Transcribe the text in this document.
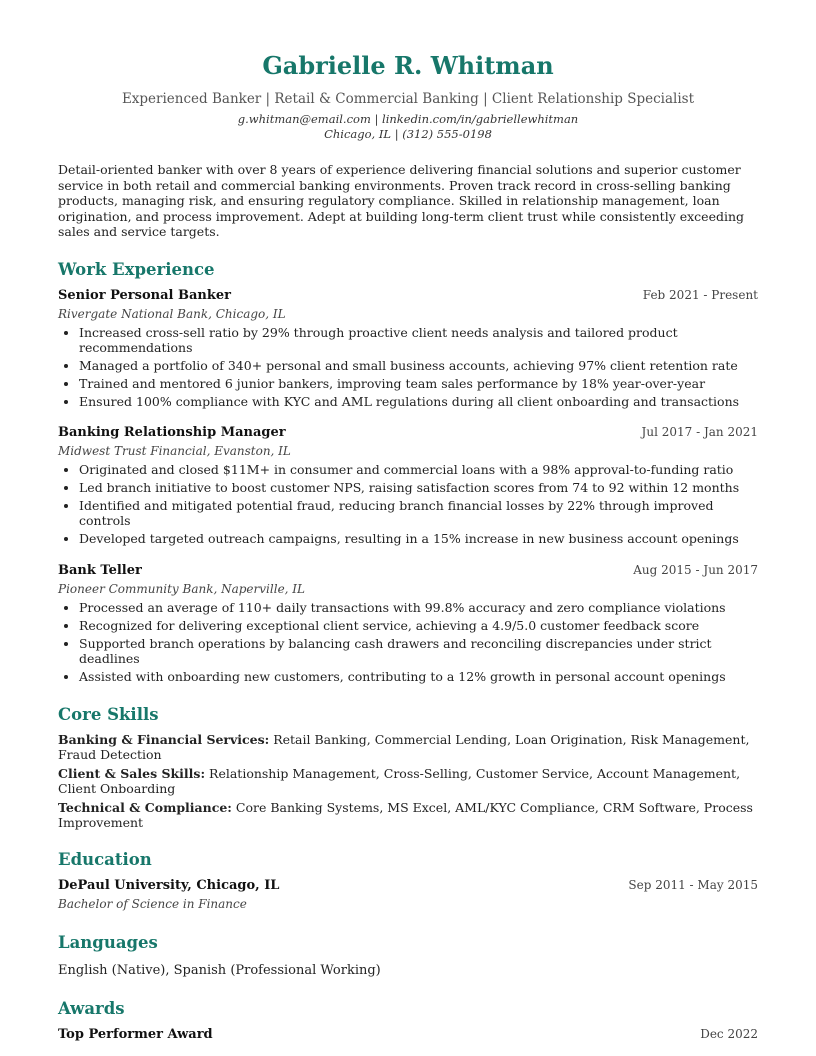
Gabrielle R. Whitman
Experienced Banker | Retail & Commercial Banking | Client Relationship Specialist
g.whitman@email.com | linkedin.com/in/gabriellewhitman
Chicago, IL | (312) 555-0198
Detail-oriented banker with over 8 years of experience delivering financial solutions and superior customer service in both retail and commercial banking environments. Proven track record in cross-selling banking products, managing risk, and ensuring regulatory compliance. Skilled in relationship management, loan origination, and process improvement. Adept at building long-term client trust while consistently exceeding sales and service targets.
Work Experience
Senior Personal Banker	Feb 2021 - Present
Rivergate National Bank, Chicago, IL
• Increased cross-sell ratio by 29% through proactive client needs analysis and tailored product recommendations
• Managed a portfolio of 340+ personal and small business accounts, achieving 97% client retention rate
• Trained and mentored 6 junior bankers, improving team sales performance by 18% year-over-year
• Ensured 100% compliance with KYC and AML regulations during all client onboarding and transactions
Banking Relationship Manager	Jul 2017 - Jan 2021
Midwest Trust Financial, Evanston, IL
• Originated and closed $11M+ in consumer and commercial loans with a 98% approval-to-funding ratio
• Led branch initiative to boost customer NPS, raising satisfaction scores from 74 to 92 within 12 months
• Identified and mitigated potential fraud, reducing branch financial losses by 22% through improved controls
• Developed targeted outreach campaigns, resulting in a 15% increase in new business account openings
Bank Teller	Aug 2015 - Jun 2017
Pioneer Community Bank, Naperville, IL
• Processed an average of 110+ daily transactions with 99.8% accuracy and zero compliance violations
• Recognized for delivering exceptional client service, achieving a 4.9/5.0 customer feedback score
• Supported branch operations by balancing cash drawers and reconciling discrepancies under strict deadlines
• Assisted with onboarding new customers, contributing to a 12% growth in personal account openings
Core Skills
Banking & Financial Services: Retail Banking, Commercial Lending, Loan Origination, Risk Management, Fraud Detection
Client & Sales Skills: Relationship Management, Cross-Selling, Customer Service, Account Management, Client Onboarding
Technical & Compliance: Core Banking Systems, MS Excel, AML/KYC Compliance, CRM Software, Process Improvement
Education
DePaul University, Chicago, IL	Sep 2011 - May 2015
Bachelor of Science in Finance
Languages
English (Native), Spanish (Professional Working)
Awards
Top Performer Award	Dec 2022
